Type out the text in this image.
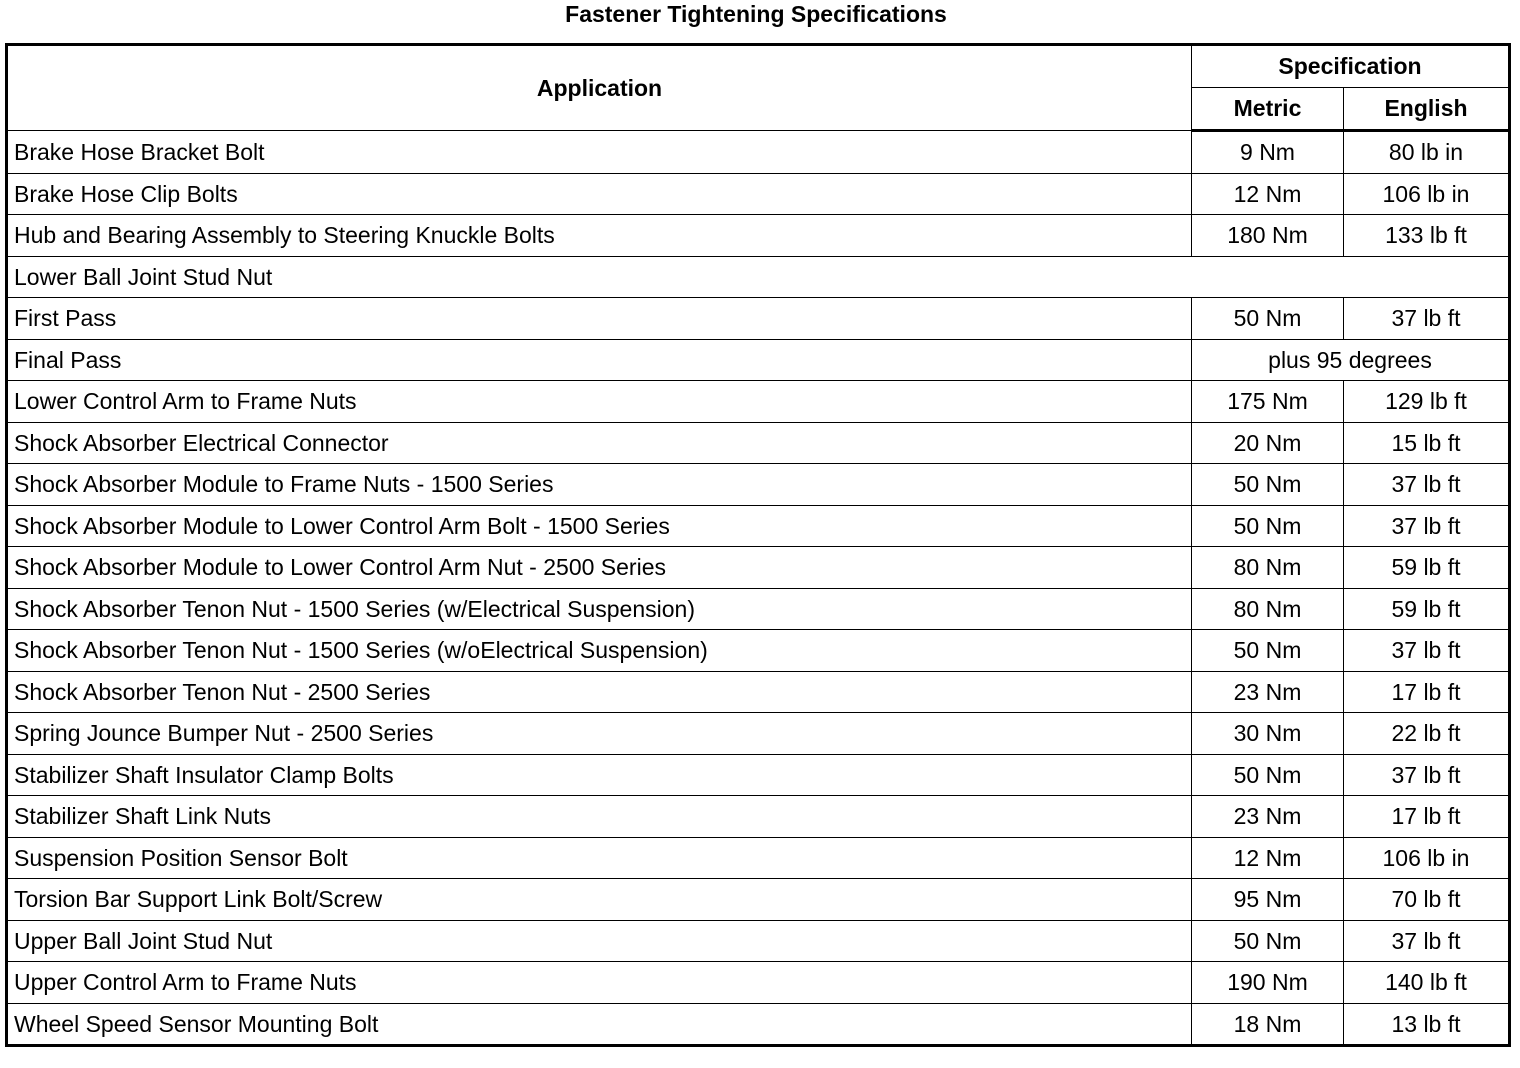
Fastener Tightening Specifications
Application	Specification	
	Metric	English
Brake Hose Bracket Bolt	9 Nm	80 lb in
Brake Hose Clip Bolts	12 Nm	106 lb in
Hub and Bearing Assembly to Steering Knuckle Bolts	180 Nm	133 lb ft
Lower Ball Joint Stud Nut		
First Pass	50 Nm	37 lb ft
Final Pass	plus 95 degrees	
Lower Control Arm to Frame Nuts	175 Nm	129 lb ft
Shock Absorber Electrical Connector	20 Nm	15 lb ft
Shock Absorber Module to Frame Nuts - 1500 Series	50 Nm	37 lb ft
Shock Absorber Module to Lower Control Arm Bolt - 1500 Series	50 Nm	37 lb ft
Shock Absorber Module to Lower Control Arm Nut - 2500 Series	80 Nm	59 lb ft
Shock Absorber Tenon Nut - 1500 Series (w/Electrical Suspension)	80 Nm	59 lb ft
Shock Absorber Tenon Nut - 1500 Series (w/oElectrical Suspension)	50 Nm	37 lb ft
Shock Absorber Tenon Nut - 2500 Series	23 Nm	17 lb ft
Spring Jounce Bumper Nut - 2500 Series	30 Nm	22 lb ft
Stabilizer Shaft Insulator Clamp Bolts	50 Nm	37 lb ft
Stabilizer Shaft Link Nuts	23 Nm	17 lb ft
Suspension Position Sensor Bolt	12 Nm	106 lb in
Torsion Bar Support Link Bolt/Screw	95 Nm	70 lb ft
Upper Ball Joint Stud Nut	50 Nm	37 lb ft
Upper Control Arm to Frame Nuts	190 Nm	140 lb ft
Wheel Speed Sensor Mounting Bolt	18 Nm	13 lb ft
